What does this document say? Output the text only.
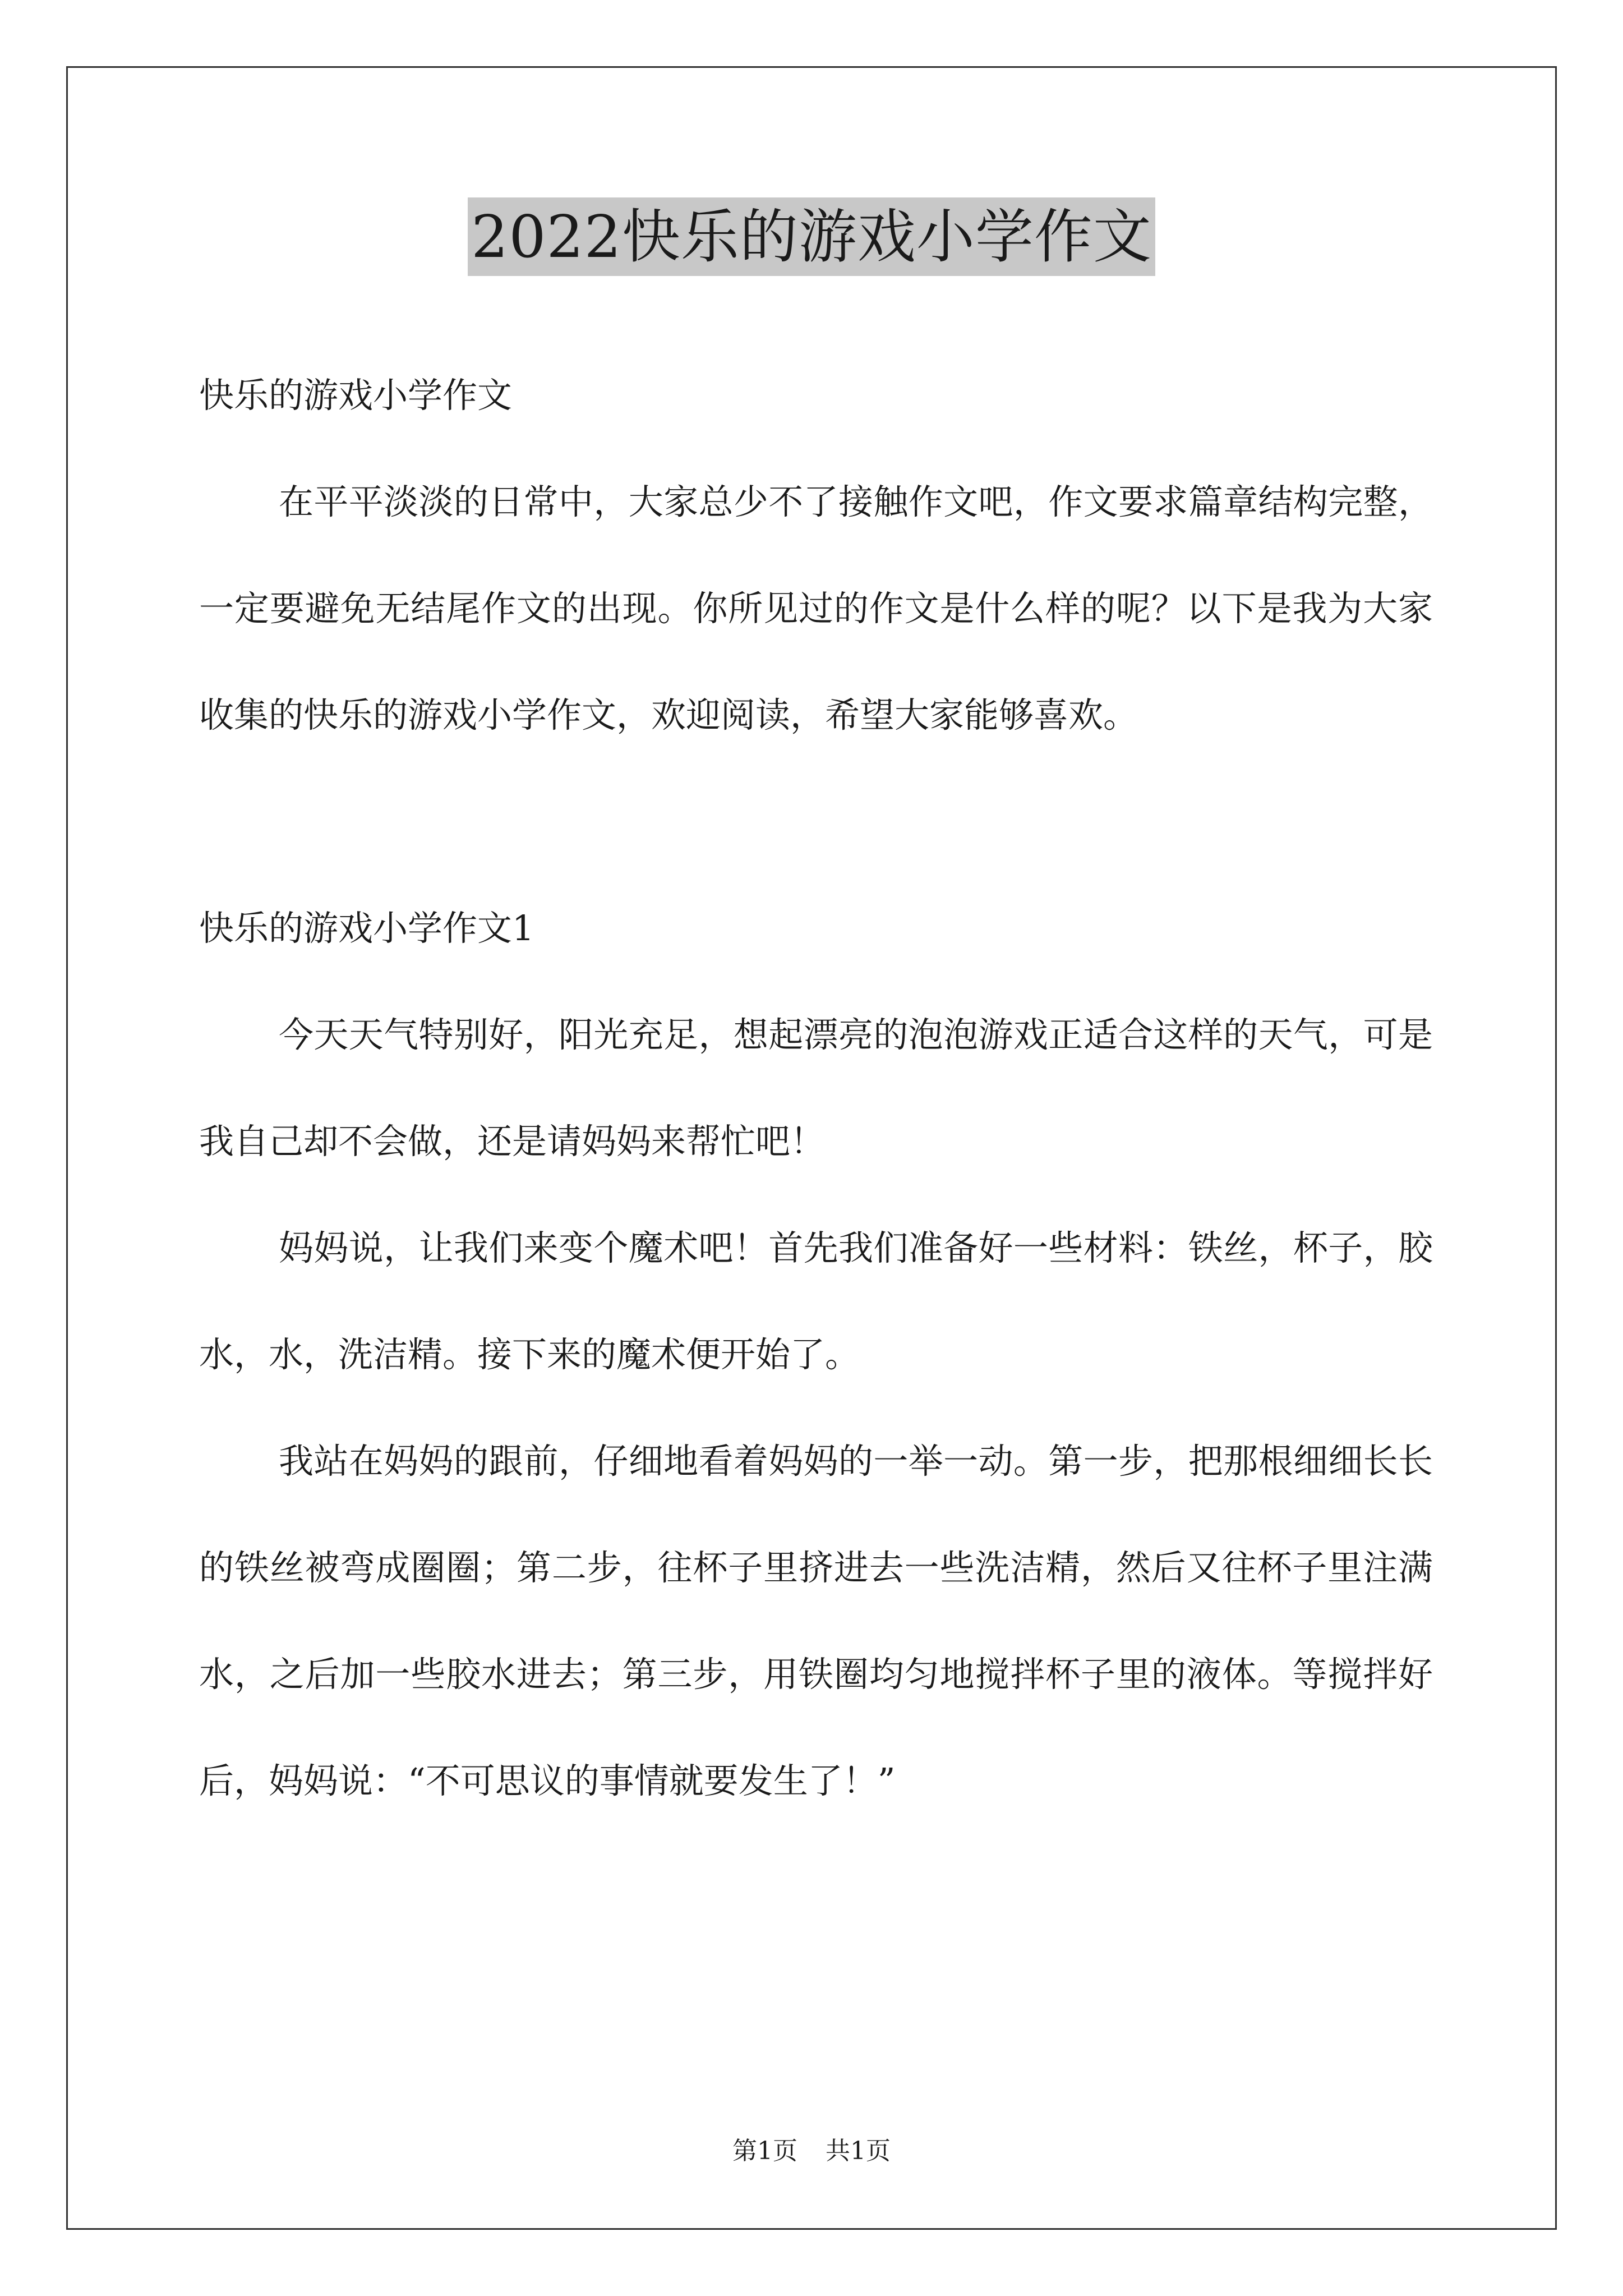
2022快乐的游戏小学作文

快乐的游戏小学作文

在平平淡淡的日常中，大家总少不了接触作文吧，作文要求篇章结构完整，一定要避免无结尾作文的出现。你所见过的作文是什么样的呢？以下是我为大家收集的快乐的游戏小学作文，欢迎阅读，希望大家能够喜欢。

快乐的游戏小学作文1

今天天气特别好，阳光充足，想起漂亮的泡泡游戏正适合这样的天气，可是我自己却不会做，还是请妈妈来帮忙吧！

妈妈说，让我们来变个魔术吧！首先我们准备好一些材料：铁丝，杯子，胶水，水，洗洁精。接下来的魔术便开始了。

我站在妈妈的跟前，仔细地看着妈妈的一举一动。第一步，把那根细细长长的铁丝被弯成圈圈；第二步，往杯子里挤进去一些洗洁精，然后又往杯子里注满水，之后加一些胶水进去；第三步，用铁圈均匀地搅拌杯子里的液体。等搅拌好后，妈妈说：“不可思议的事情就要发生了！”

第1页 共1页
